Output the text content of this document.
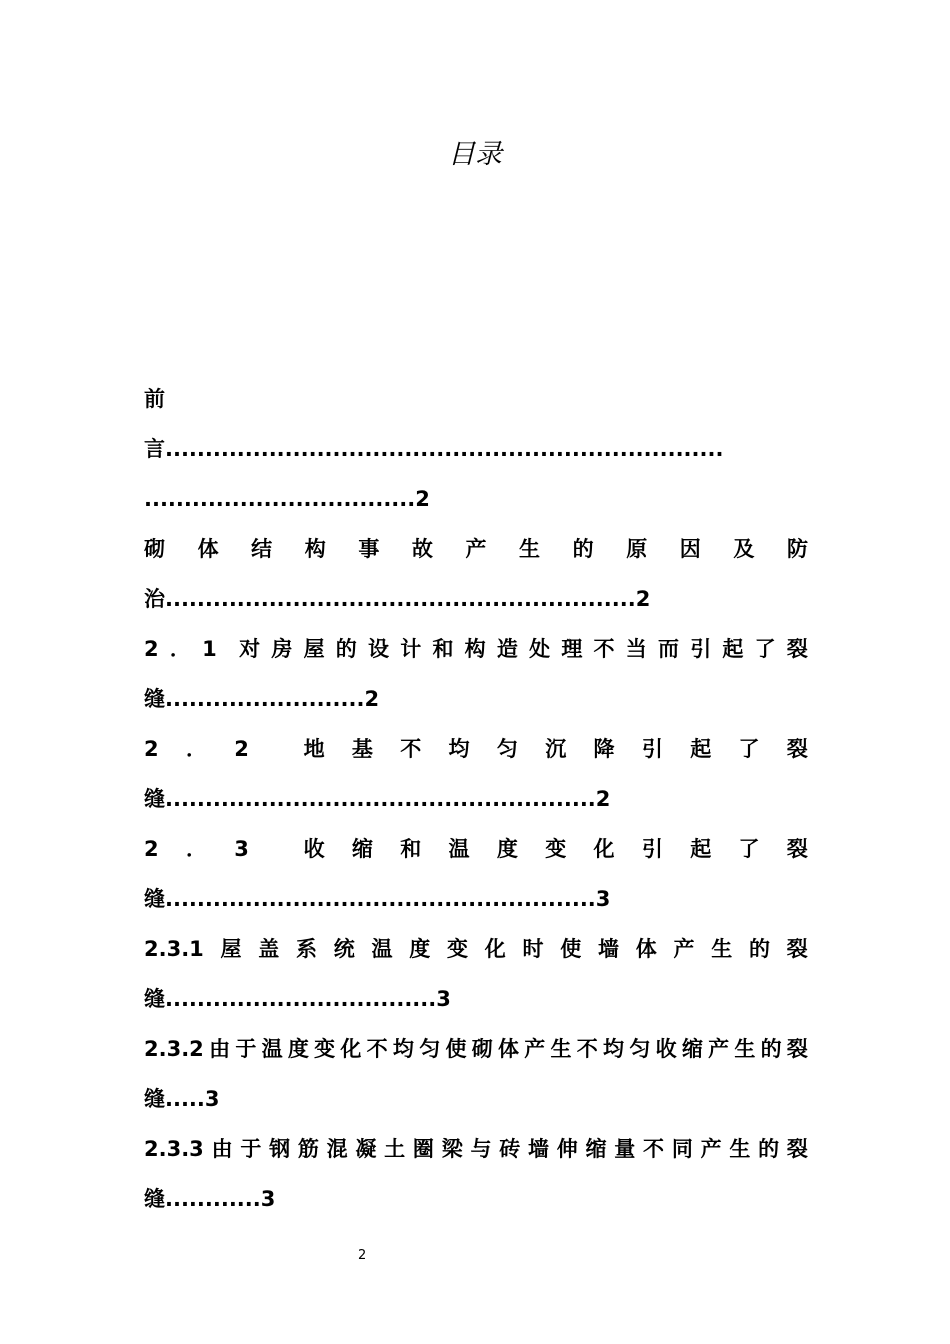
目录
前
言......................................................................
..................................2
砌 体 结 构 事 故 产 生 的 原 因 及 防
治...........................................................2
2 ． 1 对 房 屋 的 设 计 和 构 造 处 理 不 当 而 引 起 了 裂
缝.........................2
2 ． 2	地 基 不 均 匀 沉 降 引 起 了 裂
缝......................................................2
2 ． 3	收 缩 和 温 度 变 化 引 起 了 裂
缝......................................................3
2.3.1 屋 盖 系 统 温 度 变 化 时 使 墙 体 产 生 的 裂
缝..................................3
2.3.2 由 于 温 度 变 化 不 均 匀 使 砌 体 产 生 不 均 匀 收 缩 产 生 的 裂
缝.....3
2.3.3 由 于 钢 筋 混 凝 土 圈 梁 与 砖 墙 伸 缩 量 不 同 产 生 的 裂
缝............3
2
